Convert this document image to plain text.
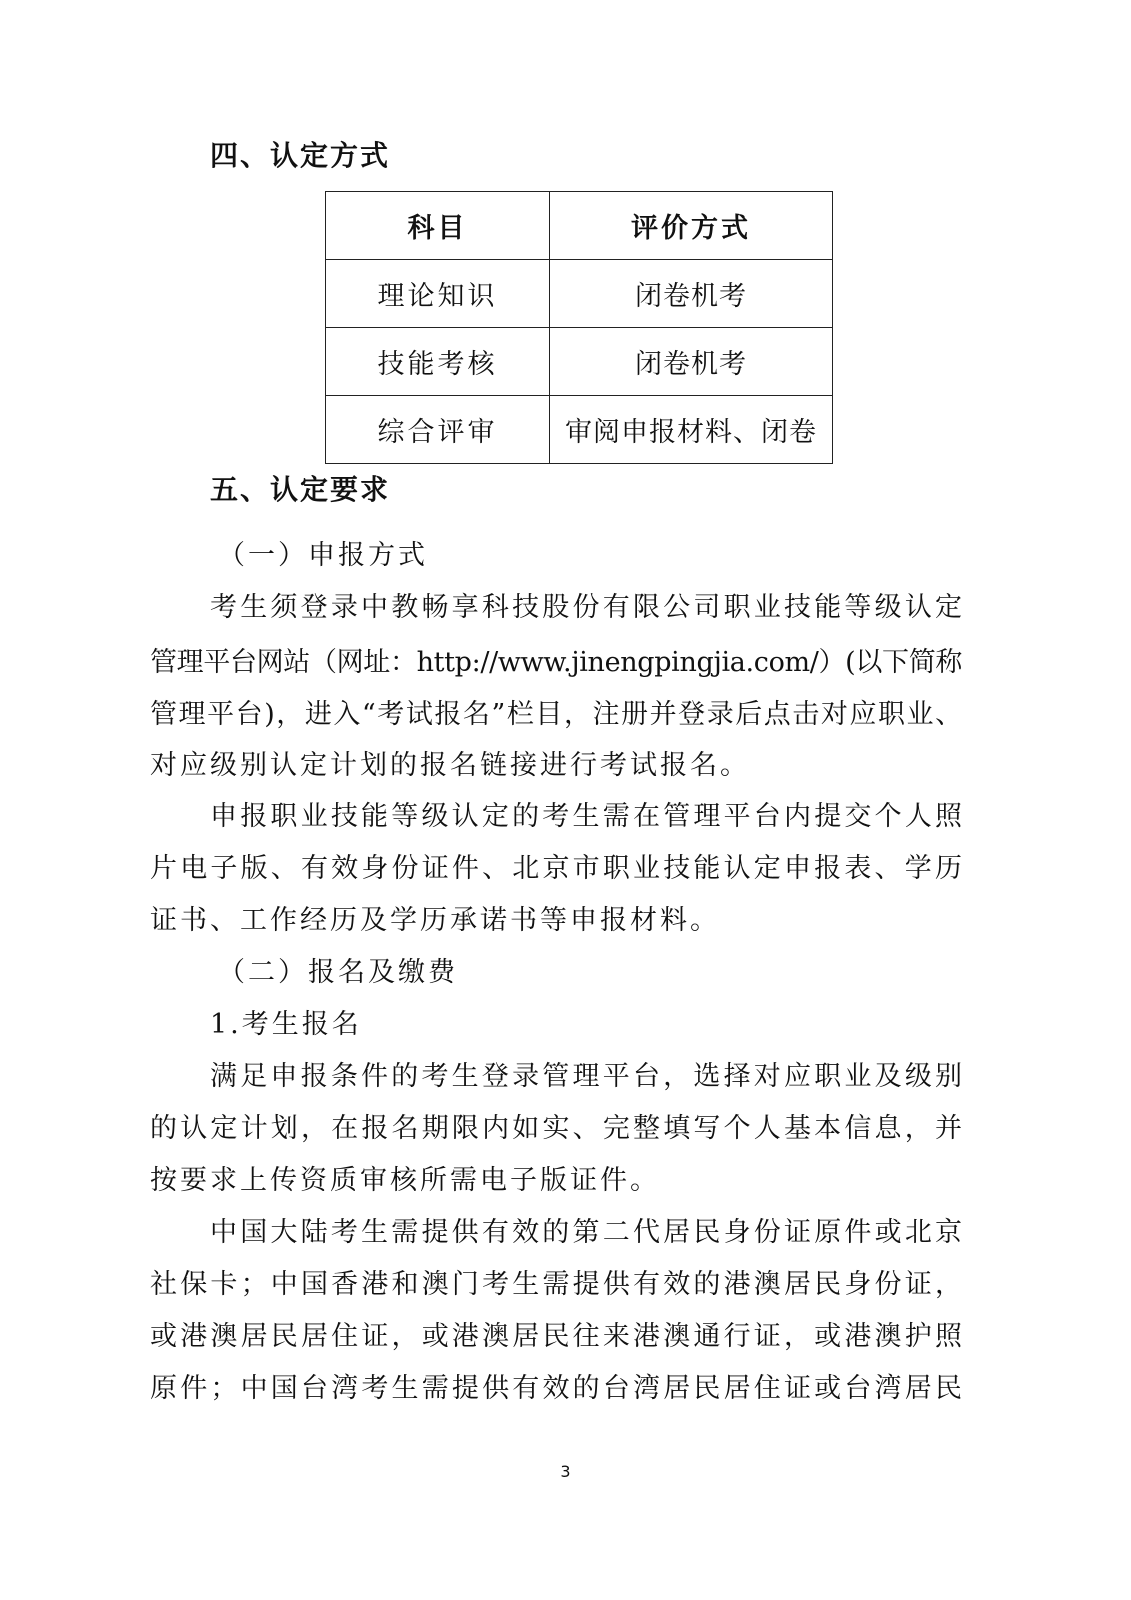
四、认定方式
科目	评价方式
理论知识	闭卷机考
技能考核	闭卷机考
综合评审	审阅申报材料、闭卷
五、认定要求
（一）申报方式
考生须登录中教畅享科技股份有限公司职业技能等级认定
管理平台网站（网址：http://www.jinengpingjia.com/）(以下简称
管理平台)，进入“考试报名”栏目，注册并登录后点击对应职业、
对应级别认定计划的报名链接进行考试报名。
申报职业技能等级认定的考生需在管理平台内提交个人照
片电子版、有效身份证件、北京市职业技能认定申报表、学历
证书、工作经历及学历承诺书等申报材料。
（二）报名及缴费
1.考生报名
满足申报条件的考生登录管理平台，选择对应职业及级别
的认定计划，在报名期限内如实、完整填写个人基本信息，并
按要求上传资质审核所需电子版证件。
中国大陆考生需提供有效的第二代居民身份证原件或北京
社保卡；中国香港和澳门考生需提供有效的港澳居民身份证，
或港澳居民居住证，或港澳居民往来港澳通行证，或港澳护照
原件；中国台湾考生需提供有效的台湾居民居住证或台湾居民
3
